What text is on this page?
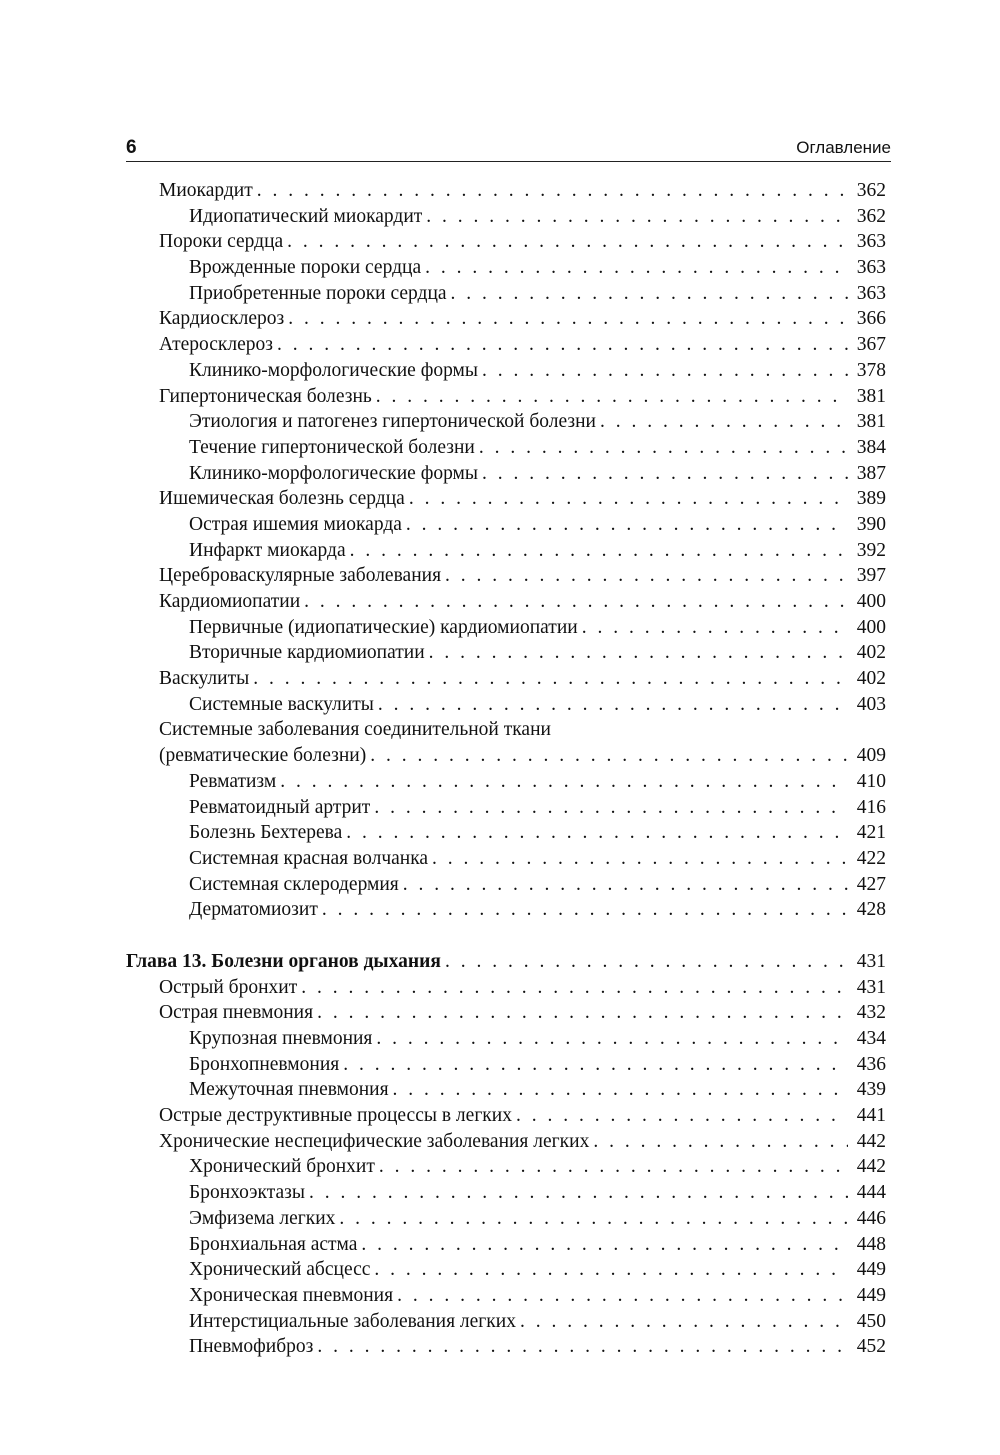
6	Оглавление
Миокардит . . .	362
Идиопатический миокардит . . .	362
Пороки сердца . . .	363
Врожденные пороки сердца . . .	363
Приобретенные пороки сердца . . .	363
Кардиосклероз . . .	366
Атеросклероз . . .	367
Клинико-морфологические формы . . .	378
Гипертоническая болезнь . . .	381
Этиология и патогенез гипертонической болезни . . .	381
Течение гипертонической болезни . . .	384
Клинико-морфологические формы . . .	387
Ишемическая болезнь сердца . . .	389
Острая ишемия миокарда . . .	390
Инфаркт миокарда . . .	392
Цереброваскулярные заболевания . . .	397
Кардиомиопатии . . .	400
Первичные (идиопатические) кардиомиопатии . . .	400
Вторичные кардиомиопатии . . .	402
Васкулиты . . .	402
Системные васкулиты . . .	403
Системные заболевания соединительной ткани
(ревматические болезни) . . .	409
Ревматизм . . .	410
Ревматоидный артрит . . .	416
Болезнь Бехтерева . . .	421
Системная красная волчанка . . .	422
Системная склеродермия . . .	427
Дерматомиозит . . .	428
Глава 13. Болезни органов дыхания . . .	431
Острый бронхит . . .	431
Острая пневмония . . .	432
Крупозная пневмония . . .	434
Бронхопневмония . . .	436
Межуточная пневмония . . .	439
Острые деструктивные процессы в легких . . .	441
Хронические неспецифические заболевания легких . . .	442
Хронический бронхит . . .	442
Бронхоэктазы . . .	444
Эмфизема легких . . .	446
Бронхиальная астма . . .	448
Хронический абсцесс . . .	449
Хроническая пневмония . . .	449
Интерстициальные заболевания легких . . .	450
Пневмофиброз . . .	452
